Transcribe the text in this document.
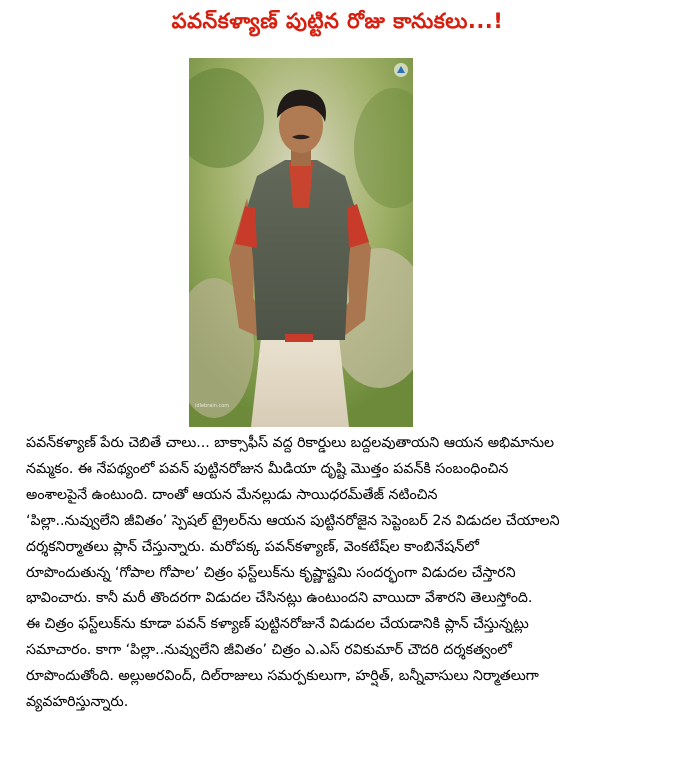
పవన్‌కళ్యాణ్ పుట్టిన రోజు కానుకలు...!
idlebrain.com

పవన్‌కళ్యాణ్ పేరు చెబితే చాలు... బాక్సాఫీస్ వద్ద రికార్డులు బద్దలవుతాయని ఆయన అభిమానుల

నమ్మకం. ఈ నేపథ్యంలో పవన్ పుట్టినరోజున మీడియా దృష్టి మొత్తం పవన్‌కి సంబంధించిన

అంశాలపైనే ఉంటుంది. దాంతో ఆయన మేనల్లుడు సాయిధరమ్‌తేజ్ నటించిన

‘పిల్లా..నువ్వులేని జీవితం’ స్పెషల్ ట్రైలర్‌ను ఆయన పుట్టినరోజైన సెప్టెంబర్ 2న విడుదల చేయాలని

దర్శకనిర్మాతలు ప్లాన్ చేస్తున్నారు. మరోపక్క పవన్‌కళ్యాణ్, వెంకటేష్‌ల కాంబినేషన్‌లో

రూపొందుతున్న ‘గోపాల గోపాల’ చిత్రం ఫస్ట్‌లుక్‌ను కృష్ణాష్టమి సందర్భంగా విడుదల చేస్తారని

భావించారు. కానీ మరీ తొందరగా విడుదల చేసినట్లు ఉంటుందని వాయిదా వేశారని తెలుస్తోంది.

ఈ చిత్రం ఫస్ట్‌లుక్‌ను కూడా పవన్ కళ్యాణ్ పుట్టినరోజునే విడుదల చేయడానికి ప్లాన్ చేస్తున్నట్లు

సమాచారం. కాగా ‘పిల్లా..నువ్వులేని జీవితం’ చిత్రం ఎ.ఎస్ రవికుమార్ చౌదరి దర్శకత్వంలో

రూపొందుతోంది. అల్లుఅరవింద్, దిల్‌రాజులు సమర్పకులుగా, హర్షిత్, బన్నీవాసులు నిర్మాతలుగా

వ్యవహరిస్తున్నారు.
